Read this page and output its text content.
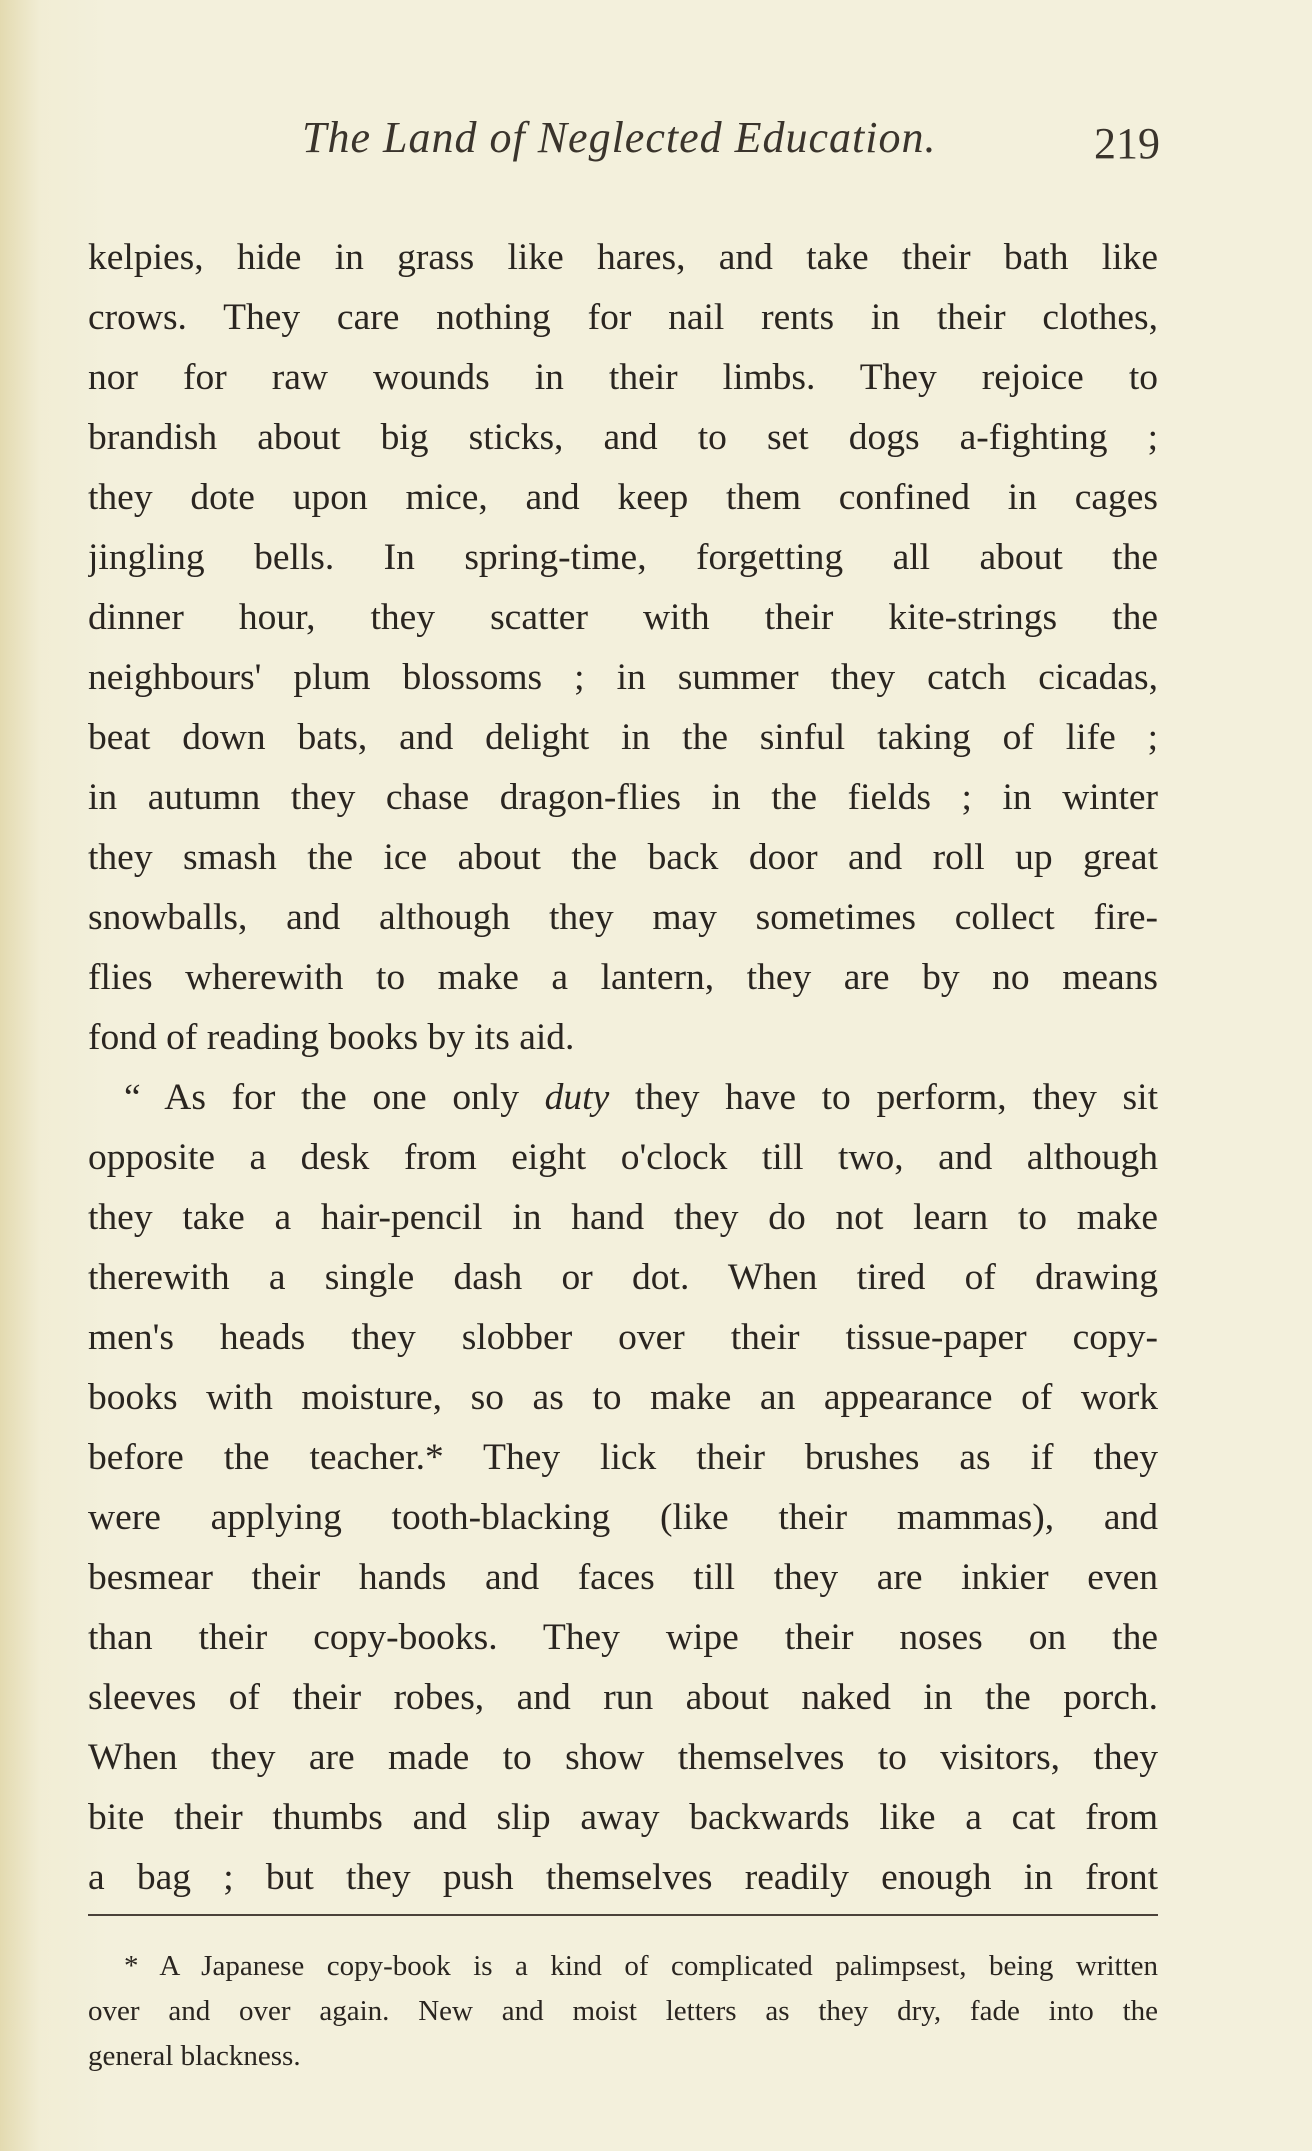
The Land of Neglected Education.	219
kelpies, hide in grass like hares, and take their bath like
crows. They care nothing for nail rents in their clothes,
nor for raw wounds in their limbs. They rejoice to
brandish about big sticks, and to set dogs a-fighting ;
they dote upon mice, and keep them confined in cages
jingling bells. In spring-time, forgetting all about the
dinner hour, they scatter with their kite-strings the
neighbours' plum blossoms ; in summer they catch cicadas,
beat down bats, and delight in the sinful taking of life ;
in autumn they chase dragon-flies in the fields ; in winter
they smash the ice about the back door and roll up great
snowballs, and although they may sometimes collect fire-
flies wherewith to make a lantern, they are by no means
fond of reading books by its aid.
“ As for the one only duty they have to perform, they sit
opposite a desk from eight o'clock till two, and although
they take a hair-pencil in hand they do not learn to make
therewith a single dash or dot. When tired of drawing
men's heads they slobber over their tissue-paper copy-
books with moisture, so as to make an appearance of work
before the teacher.* They lick their brushes as if they
were applying tooth-blacking (like their mammas), and
besmear their hands and faces till they are inkier even
than their copy-books. They wipe their noses on the
sleeves of their robes, and run about naked in the porch.
When they are made to show themselves to visitors, they
bite their thumbs and slip away backwards like a cat from
a bag ; but they push themselves readily enough in front
* A Japanese copy-book is a kind of complicated palimpsest, being written
over and over again. New and moist letters as they dry, fade into the
general blackness.
